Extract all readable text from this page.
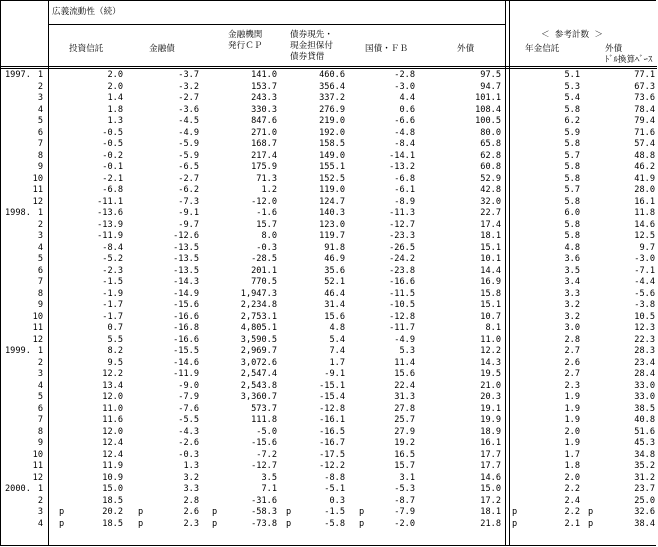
広義流動性（続）
＜ 参考計数 ＞
投資信託	金融債
金融機関
発行ＣＰ
債券現先・
現金担保付
債券貸借
国債・ＦＢ	外債	年金信託	外債
ﾄﾞﾙ換算ﾍﾞｰｽ
1997. 1	2.0	-3.7	141.0	460.6	-2.8	97.5	5.1	77.1
2	2.0	-3.2	153.7	356.4	-3.0	94.7	5.3	67.3
3	1.4	-2.7	243.3	337.2	4.4	101.1	5.4	73.6
4	1.8	-3.6	330.3	276.9	0.6	108.4	5.8	78.4
5	1.3	-4.5	847.6	219.0	-6.6	100.5	6.2	79.4
6	-0.5	-4.9	271.0	192.0	-4.8	80.0	5.9	71.6
7	-0.5	-5.9	168.7	158.5	-8.4	65.8	5.8	57.4
8	-0.2	-5.9	217.4	149.0	-14.1	62.8	5.7	48.8
9	-0.1	-6.5	175.9	155.1	-13.2	60.8	5.8	46.2
10	-2.1	-2.7	71.3	152.5	-6.8	52.9	5.8	41.9
11	-6.8	-6.2	1.2	119.0	-6.1	42.8	5.7	28.0
12	-11.1	-7.3	-12.0	124.7	-8.9	32.0	5.8	16.1
1998. 1	-13.6	-9.1	-1.6	140.3	-11.3	22.7	6.0	11.8
2	-13.9	-9.7	15.7	123.0	-12.7	17.4	5.8	14.6
3	-11.9	-12.6	8.0	119.7	-23.3	18.1	5.8	12.5
4	-8.4	-13.5	-0.3	91.8	-26.5	15.1	4.8	9.7
5	-5.2	-13.5	-28.5	46.9	-24.2	10.1	3.6	-3.0
6	-2.3	-13.5	201.1	35.6	-23.8	14.4	3.5	-7.1
7	-1.5	-14.3	770.5	52.1	-16.6	16.9	3.4	-4.4
8	-1.9	-14.9	1,947.3	46.4	-11.5	15.8	3.3	-5.6
9	-1.7	-15.6	2,234.8	31.4	-10.5	15.1	3.2	-3.8
10	-1.7	-16.6	2,753.1	15.6	-12.8	10.7	3.2	10.5
11	0.7	-16.8	4,805.1	4.8	-11.7	8.1	3.0	12.3
12	5.5	-16.6	3,590.5	5.4	-4.9	11.0	2.8	22.3
1999. 1	8.2	-15.5	2,969.7	7.4	5.3	12.2	2.7	28.3
2	9.5	-14.6	3,072.6	1.7	11.4	14.3	2.6	23.4
3	12.2	-11.9	2,547.4	-9.1	15.6	19.5	2.7	28.4
4	13.4	-9.0	2,543.8	-15.1	22.4	21.0	2.3	33.0
5	12.0	-7.9	3,360.7	-15.4	31.3	20.3	1.9	33.0
6	11.0	-7.6	573.7	-12.8	27.8	19.1	1.9	38.5
7	11.6	-5.5	111.8	-16.1	25.7	19.9	1.9	40.8
8	12.0	-4.3	-5.0	-16.5	27.9	18.9	2.0	51.6
9	12.4	-2.6	-15.6	-16.7	19.2	16.1	1.9	45.3
10	12.4	-0.3	-7.2	-17.5	16.5	17.7	1.7	34.8
11	11.9	1.3	-12.7	-12.2	15.7	17.7	1.8	35.2
12	10.9	3.2	3.5	-8.8	3.1	14.6	2.0	31.2
2000. 1	15.0	3.3	7.1	-5.1	-5.3	15.0	2.2	23.7
2	18.5	2.8	-31.6	0.3	-8.7	17.2	2.4	25.0
3 p	20.2 p	2.6 p	-58.3 p	-1.5 p	-7.9	18.1 p	2.2 p	32.6
4 p	18.5 p	2.3 p	-73.8 p	-5.8 p	-2.0	21.8 p	2.1 p	38.4
